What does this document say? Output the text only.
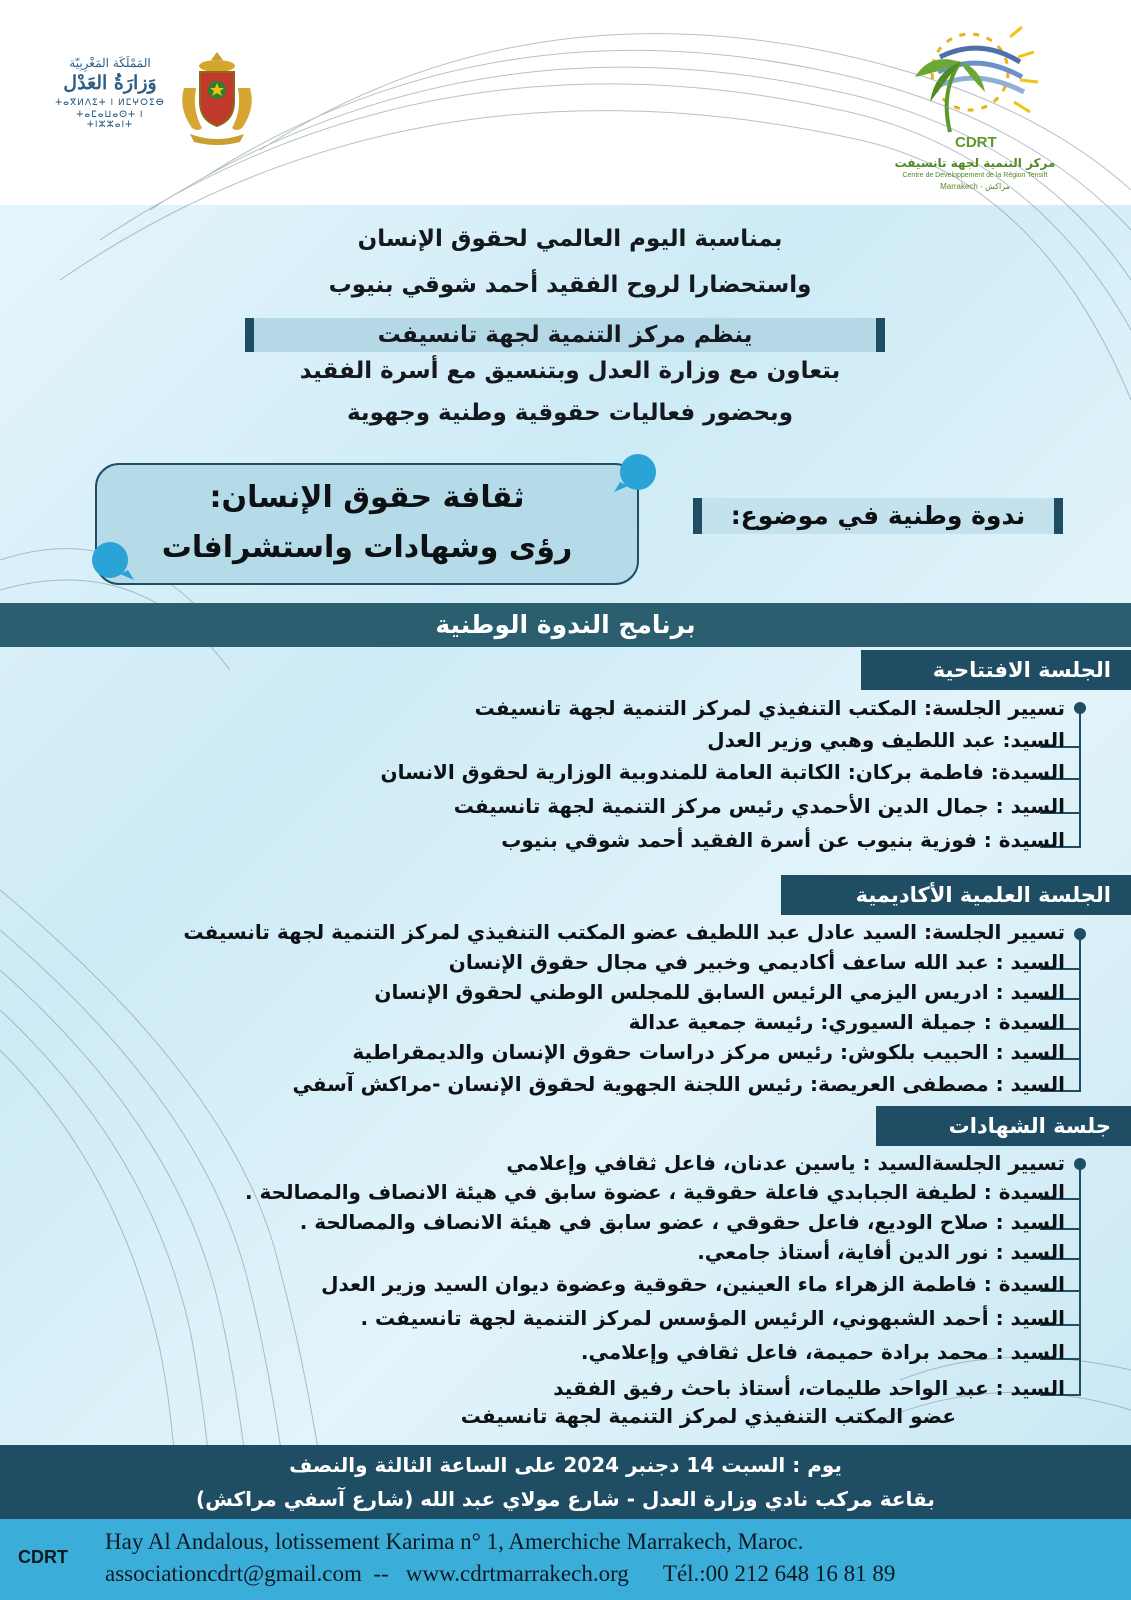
المَمْلَكَة المَغْرِبِيّة
وَزارَةُ العَدْل
ⵜⴰⴳⵍⴷⵉⵜ ⵏ ⵍⵎⵖⵔⵉⴱ
ⵜⴰⵎⴰⵡⴰⵙⵜ ⵏ ⵜⵏⵣⵣⴰⵏⵜ
CDRT
مركز التنمية لجهة تانسيفت
Centre de Développement de la Région Tensift
Marrakech - مراكش
بمناسبة اليوم العالمي لحقوق الإنسان
واستحضارا لروح الفقيد أحمد شوقي بنيوب
ينظم مركز التنمية لجهة تانسيفت
بتعاون مع وزارة العدل وبتنسيق مع أسرة الفقيد
وبحضور فعاليات حقوقية وطنية وجهوية
ثقافة حقوق الإنسان:
رؤى وشهادات واستشرافات
ندوة وطنية في موضوع:
برنامج الندوة الوطنية
الجلسة الافتتاحية
تسيير الجلسة: المكتب التنفيذي لمركز التنمية لجهة تانسيفت
السيد: عبد اللطيف وهبي وزير العدل
السيدة: فاطمة بركان: الكاتبة العامة للمندوبية الوزارية لحقوق الانسان
السيد : جمال الدين الأحمدي رئيس مركز التنمية لجهة تانسيفت
السيدة : فوزية بنيوب عن أسرة الفقيد أحمد شوقي بنيوب
الجلسة العلمية الأكاديمية
تسيير الجلسة: السيد عادل عبد اللطيف عضو المكتب التنفيذي لمركز التنمية لجهة تانسيفت
السيد : عبد الله ساعف أكاديمي وخبير في مجال حقوق الإنسان
السيد : ادريس اليزمي الرئيس السابق للمجلس الوطني لحقوق الإنسان
السيدة : جميلة السيوري: رئيسة جمعية عدالة
السيد : الحبيب بلكوش: رئيس مركز دراسات حقوق الإنسان والديمقراطية
السيد : مصطفى العريصة: رئيس اللجنة الجهوية لحقوق الإنسان -مراكش آسفي
جلسة الشهادات
تسيير الجلسةالسيد : ياسين عدنان، فاعل ثقافي وإعلامي
السيدة : لطيفة الجبابدي فاعلة حقوقية ، عضوة سابق في هيئة الانصاف والمصالحة .
السيد : صلاح الوديع، فاعل حقوقي ، عضو سابق في هيئة الانصاف والمصالحة .
السيد : نور الدين أفاية، أستاذ جامعي.
السيدة : فاطمة الزهراء ماء العينين، حقوقية وعضوة ديوان السيد وزير العدل
السيد : أحمد الشبهوني، الرئيس المؤسس لمركز التنمية لجهة تانسيفت .
السيد : محمد برادة حميمة، فاعل ثقافي وإعلامي.
السيد : عبد الواحد طليمات، أستاذ باحث رفيق الفقيد
عضو المكتب التنفيذي لمركز التنمية لجهة تانسيفت
يوم : السبت 14 دجنبر 2024 على الساعة الثالثة والنصف
بقاعة مركب نادي وزارة العدل - شارع مولاي عبد الله (شارع آسفي مراكش)
CDRT
Hay Al Andalous, lotissement Karima n° 1, Amerchiche Marrakech, Maroc.
associationcdrt@gmail.com  --   www.cdrtmarrakech.org      Tél.:00 212 648 16 81 89
